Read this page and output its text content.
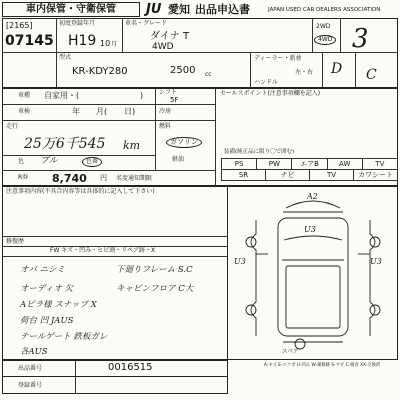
車内保管・守衛保管	JU 愛知 出品申込書	JAPAN USED CAR DEALERS ASSOCIATION
[2165]
07145
初度登録年月
H19 10 月
車名・グレード
ダイナ T
4WD
2WD
4WD 3
型式
KR-KDY280	2500 cc
ディーラー・新並
左・右
ハンドル
D C
車種 自家用・(	)	シフト
5F
車検	年 月( 日)	冷房
走行
25万6千545 km
燃料
ガソリン
軽油
色 ブル	色番
R券 8,740 円 名変通知期限
セールスポイント(注意事項欄を記入)
装備(純正品に限り〇で囲む)
PS	PW	エアB	AW	TV
SR	ナビ	TV	カワシート
注意事項内容(不具合内容等は具体的に記入して下さい)
修復歴
FW キズ・凹み・ヒビ割・リペア跡・X
オバ ニシミ	下廻りフレーム S.C
オーディオ 欠	キャビンフロア C大
Aピラ様 スナップ X
荷台 凹 JAUS
テールゲート 鉄板ガレ
各AUS
A2
U3
U3	U3
スペア
A-キズ E-エクボ U-凹み W-補修跡 S-サビ C-腐食 XX-交換済
出品番号	0016515
登録番号
